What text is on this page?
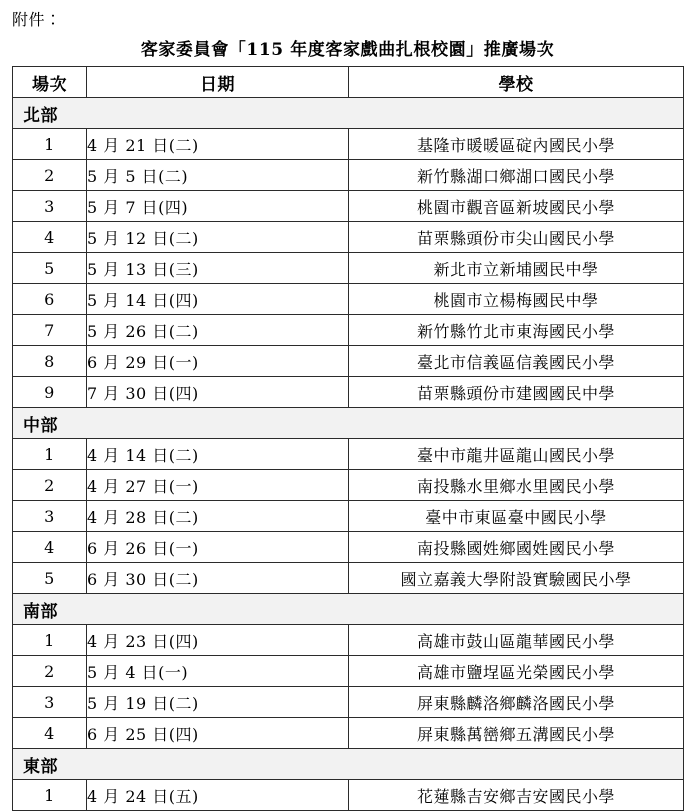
附件：
客家委員會「115 年度客家戲曲扎根校園」推廣場次
場次	日期	學校
北部		
1	4 月 21 日(二)	基隆市暖暖區碇內國民小學
2	5 月 5 日(二)	新竹縣湖口鄉湖口國民小學
3	5 月 7 日(四)	桃園市觀音區新坡國民小學
4	5 月 12 日(二)	苗栗縣頭份市尖山國民小學
5	5 月 13 日(三)	新北市立新埔國民中學
6	5 月 14 日(四)	桃園市立楊梅國民中學
7	5 月 26 日(二)	新竹縣竹北市東海國民小學
8	6 月 29 日(一)	臺北市信義區信義國民小學
9	7 月 30 日(四)	苗栗縣頭份市建國國民中學
中部		
1	4 月 14 日(二)	臺中市龍井區龍山國民小學
2	4 月 27 日(一)	南投縣水里鄉水里國民小學
3	4 月 28 日(二)	臺中市東區臺中國民小學
4	6 月 26 日(一)	南投縣國姓鄉國姓國民小學
5	6 月 30 日(二)	國立嘉義大學附設實驗國民小學
南部		
1	4 月 23 日(四)	高雄市鼓山區龍華國民小學
2	5 月 4 日(一)	高雄市鹽埕區光榮國民小學
3	5 月 19 日(二)	屏東縣麟洛鄉麟洛國民小學
4	6 月 25 日(四)	屏東縣萬巒鄉五溝國民小學
東部		
1	4 月 24 日(五)	花蓮縣吉安鄉吉安國民小學
